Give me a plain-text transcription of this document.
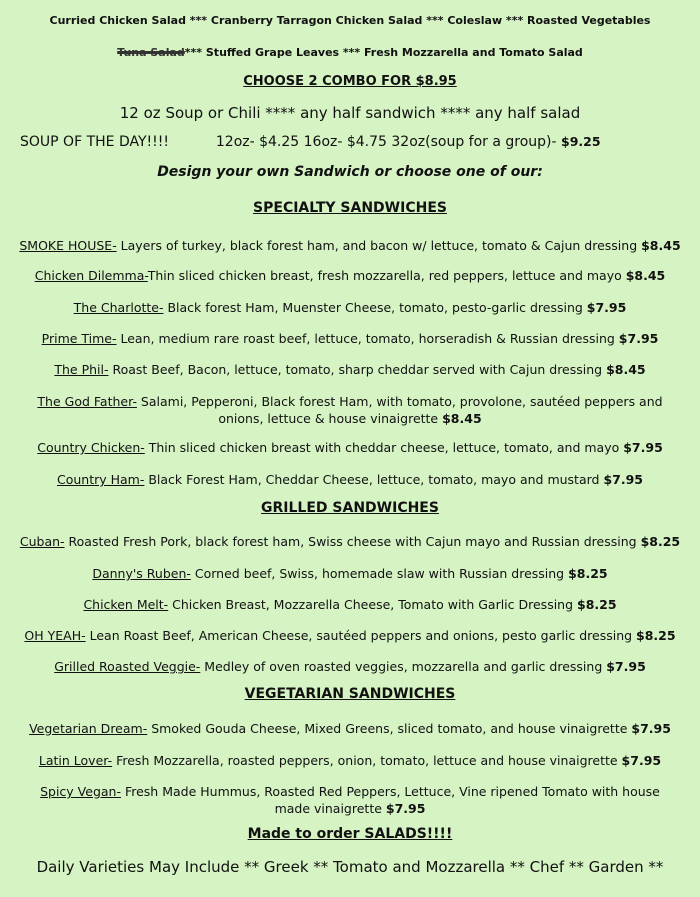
Curried Chicken Salad *** Cranberry Tarragon Chicken Salad *** Coleslaw *** Roasted Vegetables
Tuna Salad*** Stuffed Grape Leaves *** Fresh Mozzarella and Tomato Salad
CHOOSE 2 COMBO FOR $8.95
12 oz Soup or Chili **** any half sandwich **** any half salad
SOUP OF THE DAY!!!!	12oz- $4.25 16oz- $4.75 32oz(soup for a group)- $9.25
Design your own Sandwich or choose one of our:
SPECIALTY SANDWICHES
SMOKE HOUSE- Layers of turkey, black forest ham, and bacon w/ lettuce, tomato & Cajun dressing $8.45
Chicken Dilemma-Thin sliced chicken breast, fresh mozzarella, red peppers, lettuce and mayo $8.45
The Charlotte- Black forest Ham, Muenster Cheese, tomato, pesto-garlic dressing $7.95
Prime Time- Lean, medium rare roast beef, lettuce, tomato, horseradish & Russian dressing $7.95
The Phil- Roast Beef, Bacon, lettuce, tomato, sharp cheddar served with Cajun dressing $8.45
The God Father- Salami, Pepperoni, Black forest Ham, with tomato, provolone, sautéed peppers and
onions, lettuce & house vinaigrette $8.45
Country Chicken- Thin sliced chicken breast with cheddar cheese, lettuce, tomato, and mayo $7.95
Country Ham- Black Forest Ham, Cheddar Cheese, lettuce, tomato, mayo and mustard $7.95
GRILLED SANDWICHES
Cuban- Roasted Fresh Pork, black forest ham, Swiss cheese with Cajun mayo and Russian dressing $8.25
Danny's Ruben- Corned beef, Swiss, homemade slaw with Russian dressing $8.25
Chicken Melt- Chicken Breast, Mozzarella Cheese, Tomato with Garlic Dressing $8.25
OH YEAH- Lean Roast Beef, American Cheese, sautéed peppers and onions, pesto garlic dressing $8.25
Grilled Roasted Veggie- Medley of oven roasted veggies, mozzarella and garlic dressing $7.95
VEGETARIAN SANDWICHES
Vegetarian Dream- Smoked Gouda Cheese, Mixed Greens, sliced tomato, and house vinaigrette $7.95
Latin Lover- Fresh Mozzarella, roasted peppers, onion, tomato, lettuce and house vinaigrette $7.95
Spicy Vegan- Fresh Made Hummus, Roasted Red Peppers, Lettuce, Vine ripened Tomato with house
made vinaigrette $7.95
Made to order SALADS!!!!
Daily Varieties May Include ** Greek ** Tomato and Mozzarella ** Chef ** Garden **
